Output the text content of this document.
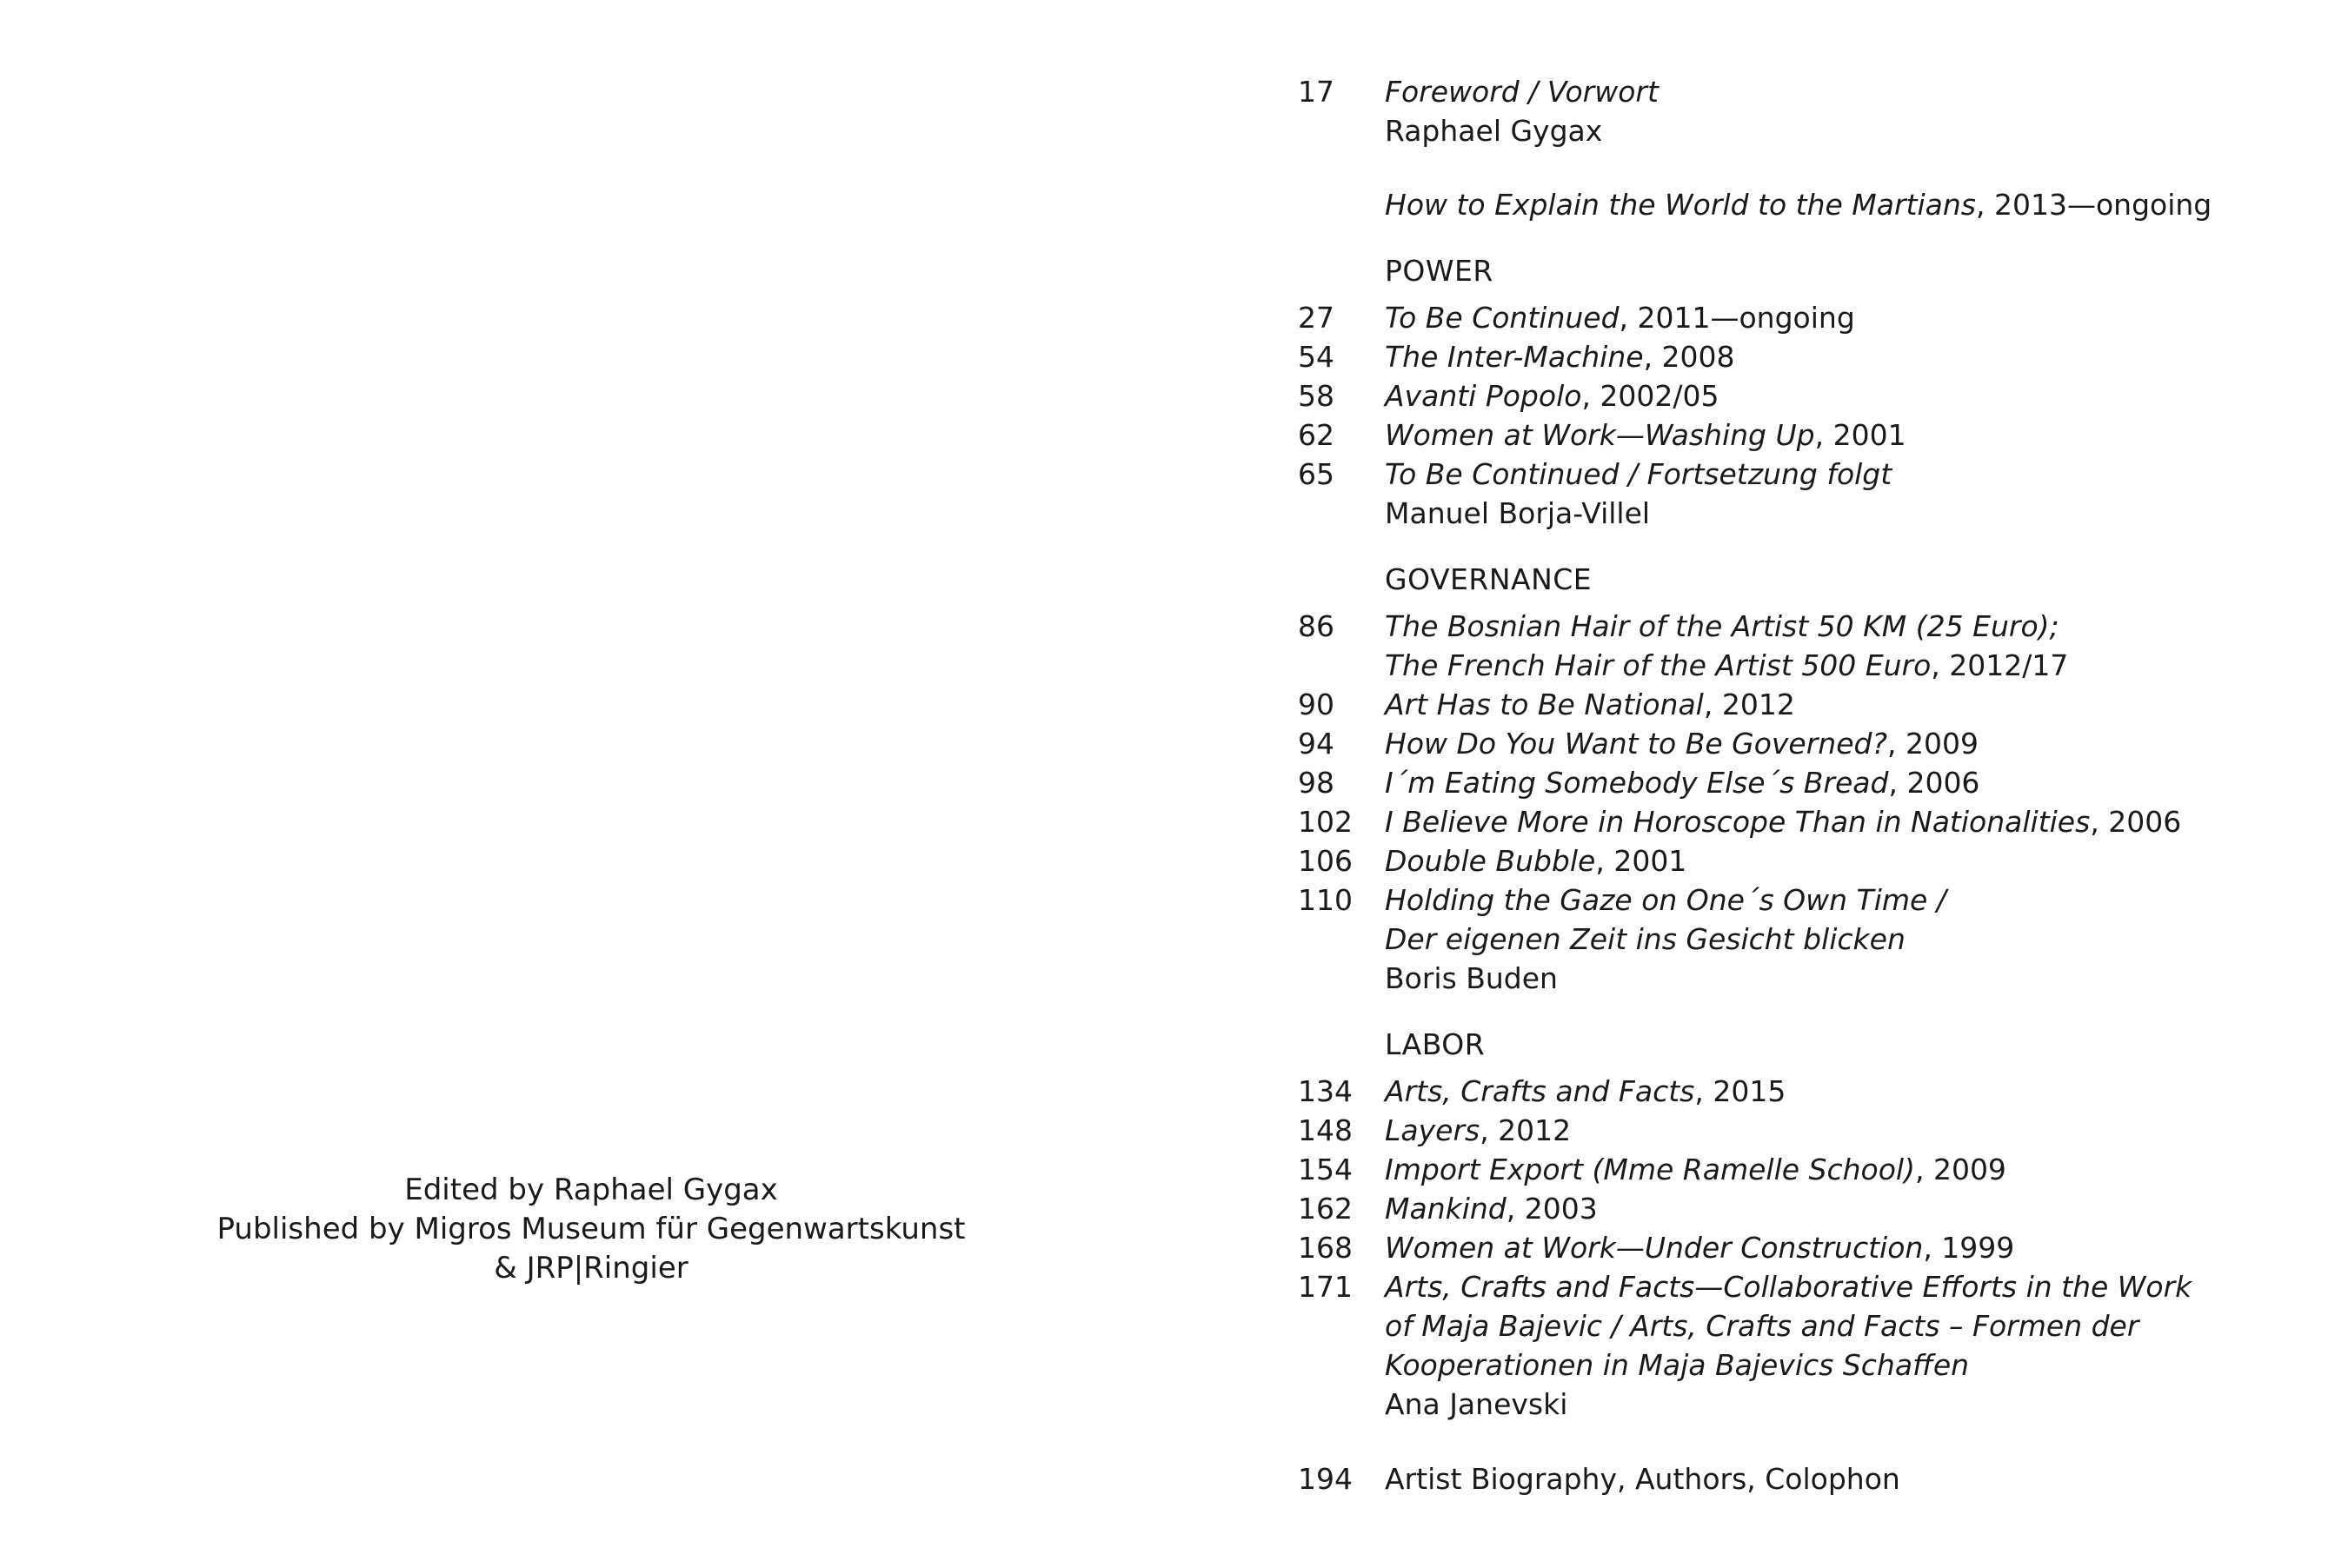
Edited by Raphael Gygax
Published by Migros Museum für Gegenwartskunst
& JRP|Ringier
17 Foreword / Vorwort
Raphael Gygax
How to Explain the World to the Martians, 2013—ongoing
POWER
27 To Be Continued, 2011—ongoing
54 The Inter-Machine, 2008
58 Avanti Popolo, 2002/05
62 Women at Work—Washing Up, 2001
65 To Be Continued / Fortsetzung folgt
Manuel Borja-Villel
GOVERNANCE
86 The Bosnian Hair of the Artist 50 KM (25 Euro);
The French Hair of the Artist 500 Euro, 2012/17
90 Art Has to Be National, 2012
94 How Do You Want to Be Governed?, 2009
98 I´m Eating Somebody Else´s Bread, 2006
102 I Believe More in Horoscope Than in Nationalities, 2006
106 Double Bubble, 2001
110 Holding the Gaze on One´s Own Time /
Der eigenen Zeit ins Gesicht blicken
Boris Buden
LABOR
134 Arts, Crafts and Facts, 2015
148 Layers, 2012
154 Import Export (Mme Ramelle School), 2009
162 Mankind, 2003
168 Women at Work—Under Construction, 1999
171 Arts, Crafts and Facts—Collaborative Efforts in the Work
of Maja Bajevic / Arts, Crafts and Facts – Formen der
Kooperationen in Maja Bajevics Schaffen
Ana Janevski
194 Artist Biography, Authors, Colophon
